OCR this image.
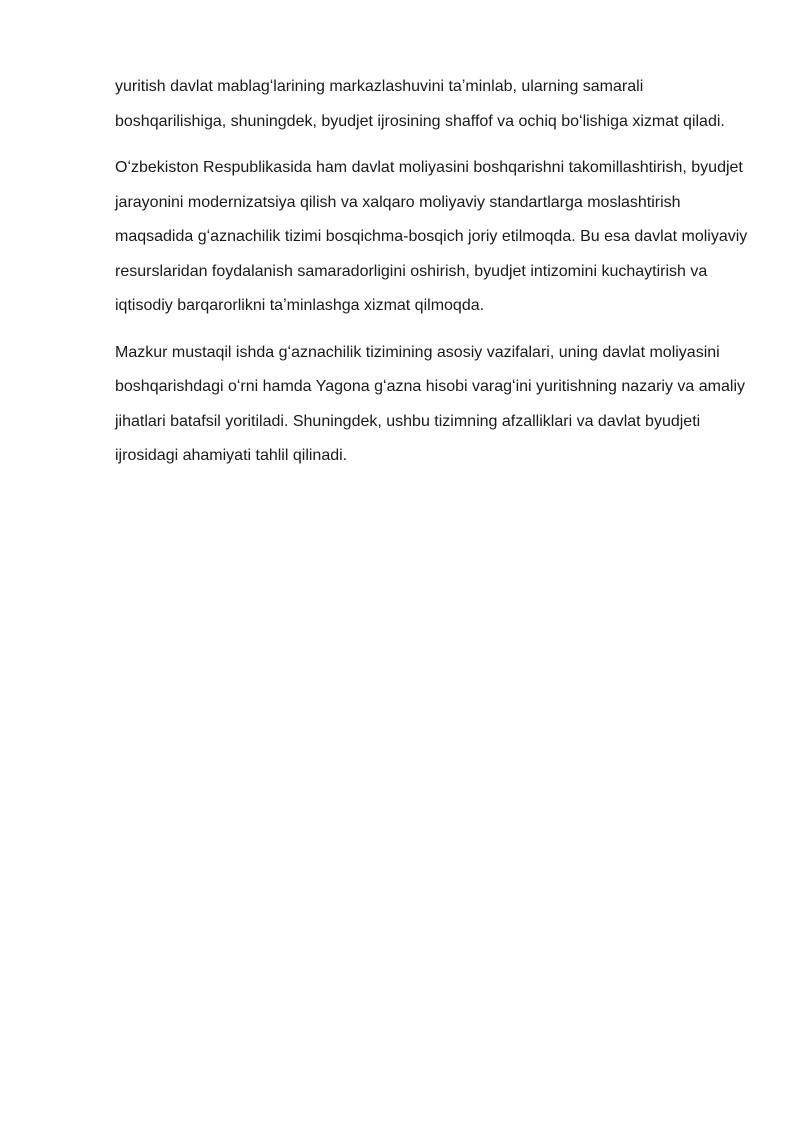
yuritish davlat mablagʻlarining markazlashuvini taʼminlab, ularning samarali boshqarilishiga, shuningdek, byudjet ijrosining shaffof va ochiq boʻlishiga xizmat qiladi.

Oʻzbekiston Respublikasida ham davlat moliyasini boshqarishni takomillashtirish, byudjet jarayonini modernizatsiya qilish va xalqaro moliyaviy standartlarga moslashtirish maqsadida gʻaznachilik tizimi bosqichma-bosqich joriy etilmoqda. Bu esa davlat moliyaviy resurslaridan foydalanish samaradorligini oshirish, byudjet intizomini kuchaytirish va iqtisodiy barqarorlikni taʼminlashga xizmat qilmoqda.

Mazkur mustaqil ishda gʻaznachilik tizimining asosiy vazifalari, uning davlat moliyasini boshqarishdagi oʻrni hamda Yagona gʻazna hisobi varagʻini yuritishning nazariy va amaliy jihatlari batafsil yoritiladi. Shuningdek, ushbu tizimning afzalliklari va davlat byudjeti ijrosidagi ahamiyati tahlil qilinadi.
